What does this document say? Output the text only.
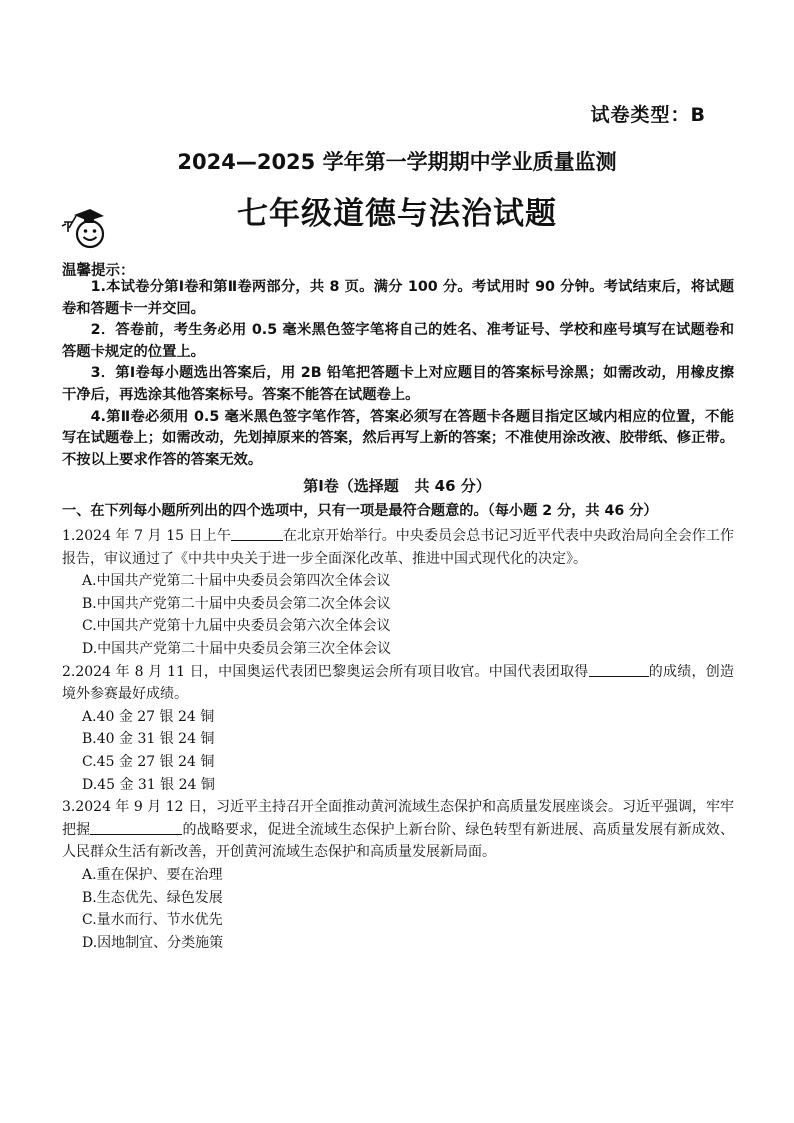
试卷类型：B
2024—2025 学年第一学期期中学业质量监测
七年级道德与法治试题
温馨提示：

1.本试卷分第Ⅰ卷和第Ⅱ卷两部分，共 8 页。满分 100 分。考试用时 90 分钟。考试结束后，将试题卷和答题卡一并交回。

2．答卷前，考生务必用 0.5 毫米黑色签字笔将自己的姓名、准考证号、学校和座号填写在试题卷和答题卡规定的位置上。

3．第Ⅰ卷每小题选出答案后，用 2B 铅笔把答题卡上对应题目的答案标号涂黑；如需改动，用橡皮擦干净后，再选涂其他答案标号。答案不能答在试题卷上。

4.第Ⅱ卷必须用 0.5 毫米黑色签字笔作答，答案必须写在答题卡各题目指定区域内相应的位置，不能写在试题卷上；如需改动，先划掉原来的答案，然后再写上新的答案；不准使用涂改液、胶带纸、修正带。不按以上要求作答的答案无效。

第Ⅰ卷（选择题   共 46 分）
一、在下列每小题所列出的四个选项中，只有一项是最符合题意的。（每小题 2 分，共 46 分）

1.2024 年 7 月 15 日上午	在北京开始举行。中央委员会总书记习近平代表中央政治局向全会作工作报告，审议通过了《中共中央关于进一步全面深化改革、推进中国式现代化的决定》。

A.中国共产党第二十届中央委员会第四次全体会议

B.中国共产党第二十届中央委员会第二次全体会议

C.中国共产党第十九届中央委员会第六次全体会议

D.中国共产党第二十届中央委员会第三次全体会议

2.2024 年 8 月 11 日，中国奥运代表团巴黎奥运会所有项目收官。中国代表团取得	的成绩，创造境外参赛最好成绩。

A.40 金 27 银 24 铜

B.40 金 31 银 24 铜

C.45 金 27 银 24 铜

D.45 金 31 银 24 铜

3.2024 年 9 月 12 日，习近平主持召开全面推动黄河流域生态保护和高质量发展座谈会。习近平强调，牢牢把握	的战略要求，促进全流域生态保护上新台阶、绿色转型有新进展、高质量发展有新成效、人民群众生活有新改善，开创黄河流域生态保护和高质量发展新局面。

A.重在保护、要在治理

B.生态优先、绿色发展

C.量水而行、节水优先

D.因地制宜、分类施策
